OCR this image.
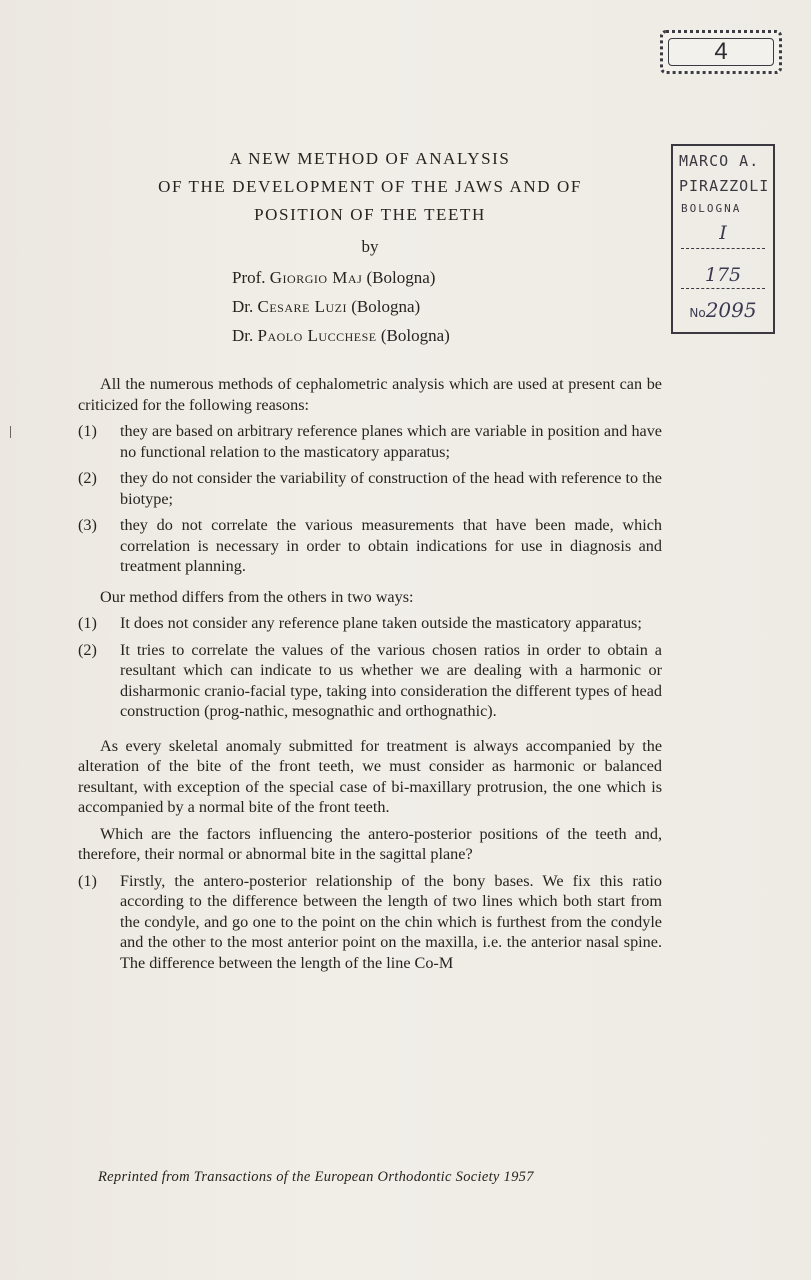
4
MARCO A.
PIRAZZOLI
BOLOGNA
I
175
No2095
A NEW METHOD OF ANALYSIS
OF THE DEVELOPMENT OF THE JAWS AND OF
POSITION OF THE TEETH
by
Prof. Giorgio Maj (Bologna)
Dr. Cesare Luzi (Bologna)
Dr. Paolo Lucchese (Bologna)

All the numerous methods of cephalometric analysis which are used at present can be criticized for the following reasons:

(1)	they are based on arbitrary reference planes which are variable in position and have no functional relation to the masticatory apparatus;
(2)	they do not consider the variability of construction of the head with reference to the biotype;
(3)	they do not correlate the various measurements that have been made, which correlation is necessary in order to obtain indications for use in diagnosis and treatment planning.

Our method differs from the others in two ways:

(1)	It does not consider any reference plane taken outside the masticatory apparatus;
(2)	It tries to correlate the values of the various chosen ratios in order to obtain a resultant which can indicate to us whether we are dealing with a harmonic or disharmonic cranio-facial type, taking into consideration the different types of head construction (prog-nathic, mesognathic and orthognathic).

As every skeletal anomaly submitted for treatment is always accompanied by the alteration of the bite of the front teeth, we must consider as harmonic or balanced resultant, with exception of the special case of bi-maxillary protrusion, the one which is accompanied by a normal bite of the front teeth.

Which are the factors influencing the antero-posterior positions of the teeth and, therefore, their normal or abnormal bite in the sagittal plane?

(1)	Firstly, the antero-posterior relationship of the bony bases. We fix this ratio according to the difference between the length of two lines which both start from the condyle, and go one to the point on the chin which is furthest from the condyle and the other to the most anterior point on the maxilla, i.e. the anterior nasal spine. The difference between the length of the line Co-M
Reprinted from Transactions of the European Orthodontic Society 1957
